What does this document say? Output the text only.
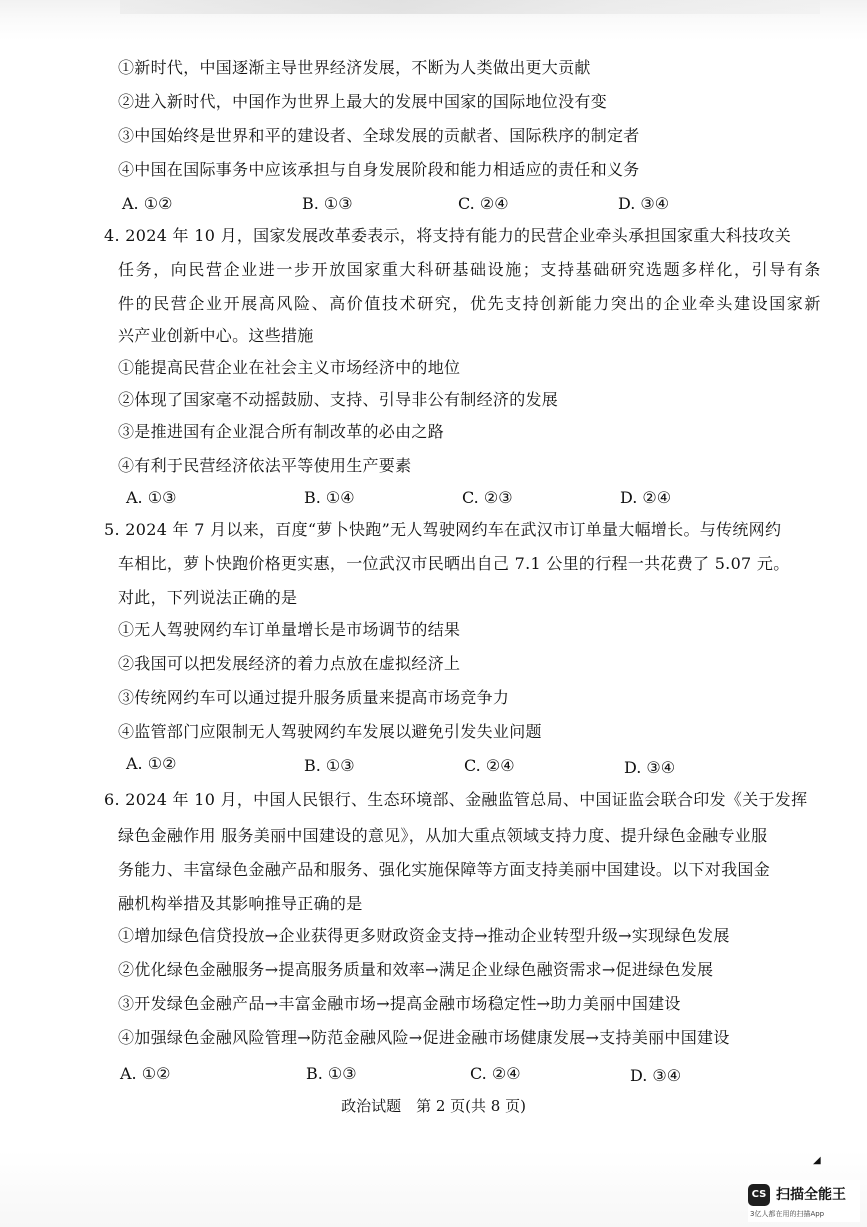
①新时代，中国逐渐主导世界经济发展，不断为人类做出更大贡献
②进入新时代，中国作为世界上最大的发展中国家的国际地位没有变
③中国始终是世界和平的建设者、全球发展的贡献者、国际秩序的制定者
④中国在国际事务中应该承担与自身发展阶段和能力相适应的责任和义务
A. ①②	B. ①③	C. ②④	D. ③④
4. 2024 年 10 月，国家发展改革委表示，将支持有能力的民营企业牵头承担国家重大科技攻关
任务，向民营企业进一步开放国家重大科研基础设施；支持基础研究选题多样化，引导有条
件的民营企业开展高风险、高价值技术研究，优先支持创新能力突出的企业牵头建设国家新
兴产业创新中心。这些措施
①能提高民营企业在社会主义市场经济中的地位
②体现了国家毫不动摇鼓励、支持、引导非公有制经济的发展
③是推进国有企业混合所有制改革的必由之路
④有利于民营经济依法平等使用生产要素
A. ①③	B. ①④	C. ②③	D. ②④
5. 2024 年 7 月以来，百度“萝卜快跑”无人驾驶网约车在武汉市订单量大幅增长。与传统网约
车相比，萝卜快跑价格更实惠，一位武汉市民晒出自己 7.1 公里的行程一共花费了 5.07 元。
对此，下列说法正确的是
①无人驾驶网约车订单量增长是市场调节的结果
②我国可以把发展经济的着力点放在虚拟经济上
③传统网约车可以通过提升服务质量来提高市场竞争力
④监管部门应限制无人驾驶网约车发展以避免引发失业问题
A. ①②	B. ①③	C. ②④	D. ③④
6. 2024 年 10 月，中国人民银行、生态环境部、金融监管总局、中国证监会联合印发《关于发挥
绿色金融作用 服务美丽中国建设的意见》，从加大重点领域支持力度、提升绿色金融专业服
务能力、丰富绿色金融产品和服务、强化实施保障等方面支持美丽中国建设。以下对我国金
融机构举措及其影响推导正确的是
①增加绿色信贷投放→企业获得更多财政资金支持→推动企业转型升级→实现绿色发展
②优化绿色金融服务→提高服务质量和效率→满足企业绿色融资需求→促进绿色发展
③开发绿色金融产品→丰富金融市场→提高金融市场稳定性→助力美丽中国建设
④加强绿色金融风险管理→防范金融风险→促进金融市场健康发展→支持美丽中国建设
A. ①②	B. ①③	C. ②④	D. ③④
政治试题　第 2 页(共 8 页)
◢
CS 扫描全能王
3亿人都在用的扫描App
